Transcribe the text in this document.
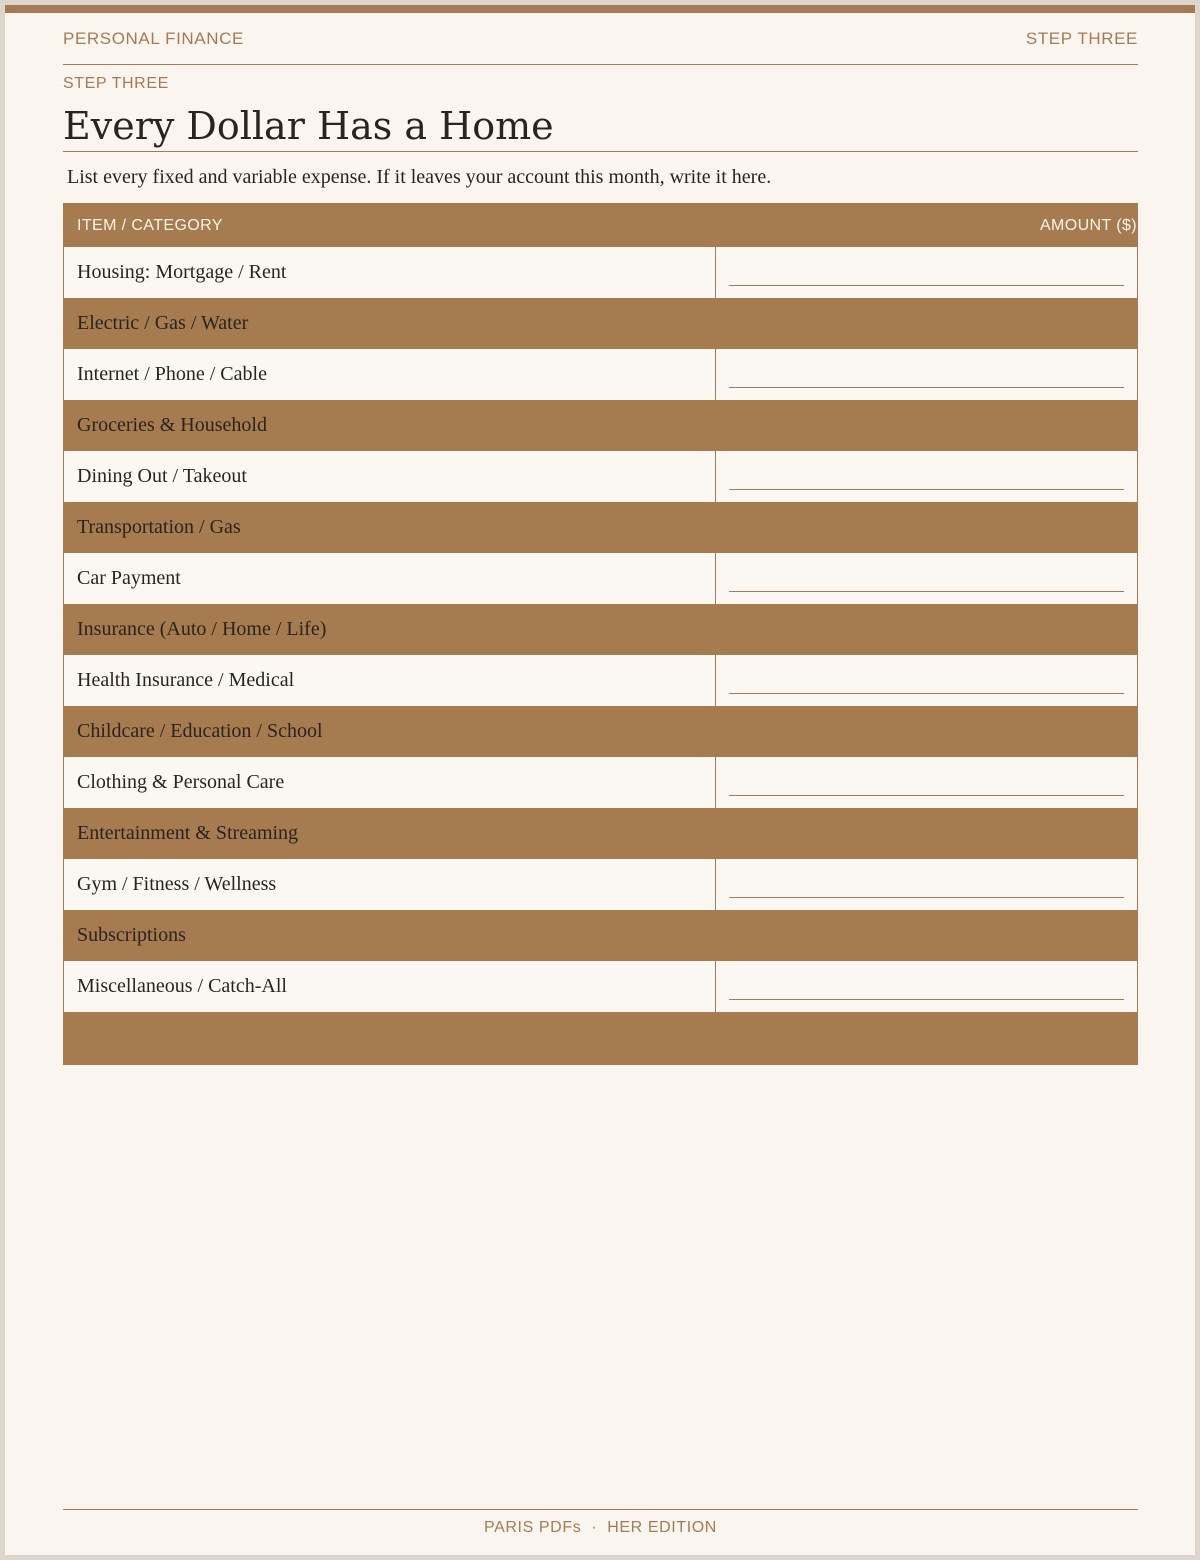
PERSONAL FINANCE	STEP THREE
STEP THREE
Every Dollar Has a Home
List every fixed and variable expense. If it leaves your account this month, write it here.
ITEM / CATEGORY	AMOUNT ($)
Housing: Mortgage / Rent
Electric / Gas / Water
Internet / Phone / Cable
Groceries & Household
Dining Out / Takeout
Transportation / Gas
Car Payment
Insurance (Auto / Home / Life)
Health Insurance / Medical
Childcare / Education / School
Clothing & Personal Care
Entertainment & Streaming
Gym / Fitness / Wellness
Subscriptions
Miscellaneous / Catch-All
PARIS PDFs · HER EDITION
